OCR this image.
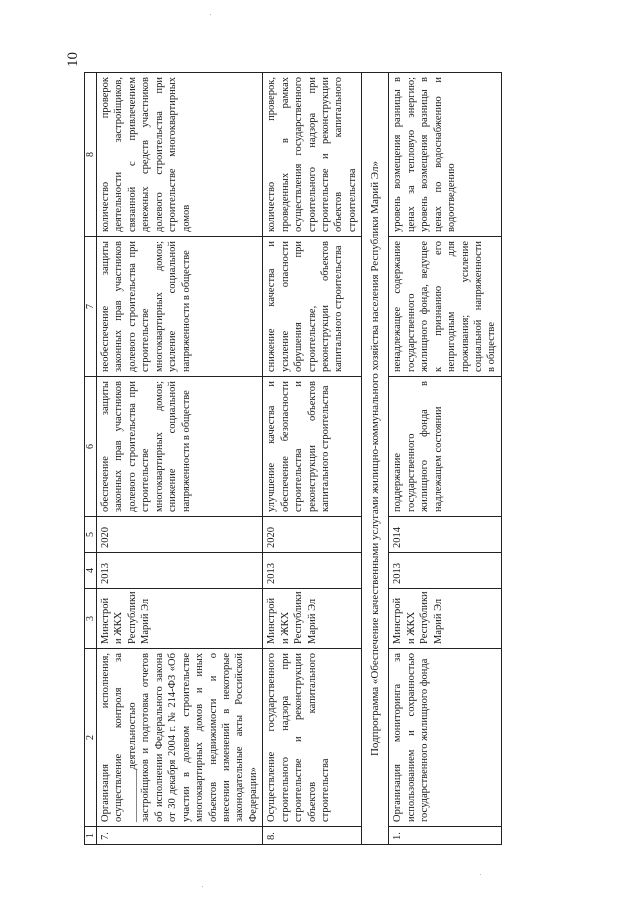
10
1	2	3	4	5	6	7	8
7.	Организация исполнения, осуществление контроля за __________деятельностью застройщиков и подготовка отчетов об исполнении Федерального закона от 30 декабря 2004 г. № 214-ФЗ «Об участии в долевом строительстве многоквартирных домов и иных объектов недвижимости и о внесении изменений в некоторые законодательные акты Российской Федерации»	Минстрой и ЖКХ Республики Марий Эл	2013	2020	обеспечение защиты законных прав участников долевого строительства при строительстве многоквартирных домов; снижение социальной напряженности в обществе	необеспечение защиты законных прав участников долевого строительства при строительстве многоквартирных домов; усиление социальной напряженности в обществе	количество проверок деятельности застройщиков, связанной с привлечением денежных средств участников долевого строительства при строительстве многоквартирных домов
8.	Осуществление государственного строительного надзора при строительстве и реконструкции объектов капитального строительства	Минстрой и ЖКХ Республики Марий Эл	2013	2020	улучшение качества и обеспечение безопасности строительства и реконструкции объектов капитального строительства	снижение качества и усиление опасности обрушения при строительстве, реконструкции объектов капитального строительства	количество проверок, проведенных в рамках осуществления государственного строительного надзора при строительстве и реконструкции объектов капитального строительства
Подпрограмма «Обеспечение качественными услугами жилищно-коммунального хозяйства населения Республики Марий Эл»							
1.	Организация мониторинга за использованием и сохранностью государственного жилищного фонда	Минстрой и ЖКХ Республики Марий Эл	2013	2014	поддержание государственного жилищного фонда в надлежащем состоянии	ненадлежащее содержание государственного жилищного фонда, ведущее к признанию его непригодным для проживания; усиление социальной напряженности в обществе	уровень возмещения разницы в ценах за тепловую энергию; уровень возмещения разницы в ценах по водоснабжению и водоотведению
